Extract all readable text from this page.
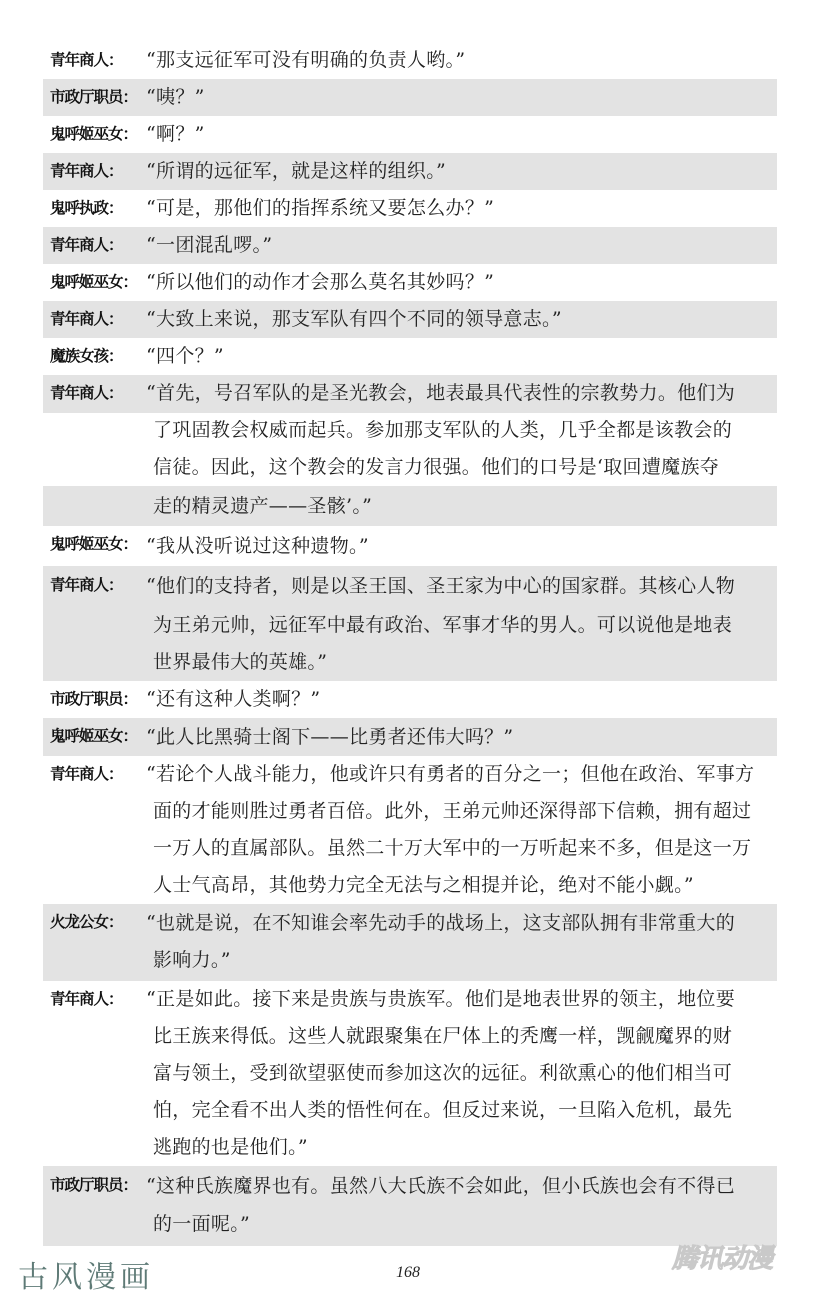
青年商人：	“那支远征军可没有明确的负责人哟。”
市政厅职员： “咦？”
鬼呼姬巫女： “啊？”
青年商人：	“所谓的远征军，就是这样的组织。”
鬼呼执政：	“可是，那他们的指挥系统又要怎么办？”
青年商人：	“一团混乱啰。”
鬼呼姬巫女： “所以他们的动作才会那么莫名其妙吗？”
青年商人：	“大致上来说，那支军队有四个不同的领导意志。”
魔族女孩：	“四个？”
青年商人：	“首先，号召军队的是圣光教会，地表最具代表性的宗教势力。他们为
了巩固教会权威而起兵。参加那支军队的人类，几乎全都是该教会的
信徒。因此，这个教会的发言力很强。他们的口号是‘取回遭魔族夺
走的精灵遗产——圣骸’。”
鬼呼姬巫女： “我从没听说过这种遗物。”
青年商人：	“他们的支持者，则是以圣王国、圣王家为中心的国家群。其核心人物
为王弟元帅，远征军中最有政治、军事才华的男人。可以说他是地表
世界最伟大的英雄。”
市政厅职员： “还有这种人类啊？”
鬼呼姬巫女： “此人比黑骑士阁下——比勇者还伟大吗？”
青年商人：	“若论个人战斗能力，他或许只有勇者的百分之一；但他在政治、军事方
面的才能则胜过勇者百倍。此外，王弟元帅还深得部下信赖，拥有超过
一万人的直属部队。虽然二十万大军中的一万听起来不多，但是这一万
人士气高昂，其他势力完全无法与之相提并论，绝对不能小觑。”
火龙公女：	“也就是说，在不知谁会率先动手的战场上，这支部队拥有非常重大的
影响力。”
青年商人：	“正是如此。接下来是贵族与贵族军。他们是地表世界的领主，地位要
比王族来得低。这些人就跟聚集在尸体上的秃鹰一样，觊觎魔界的财
富与领土，受到欲望驱使而参加这次的远征。利欲熏心的他们相当可
怕，完全看不出人类的悟性何在。但反过来说，一旦陷入危机，最先
逃跑的也是他们。”
市政厅职员： “这种氏族魔界也有。虽然八大氏族不会如此，但小氏族也会有不得已
的一面呢。”
古风漫画	168	腾讯动漫
